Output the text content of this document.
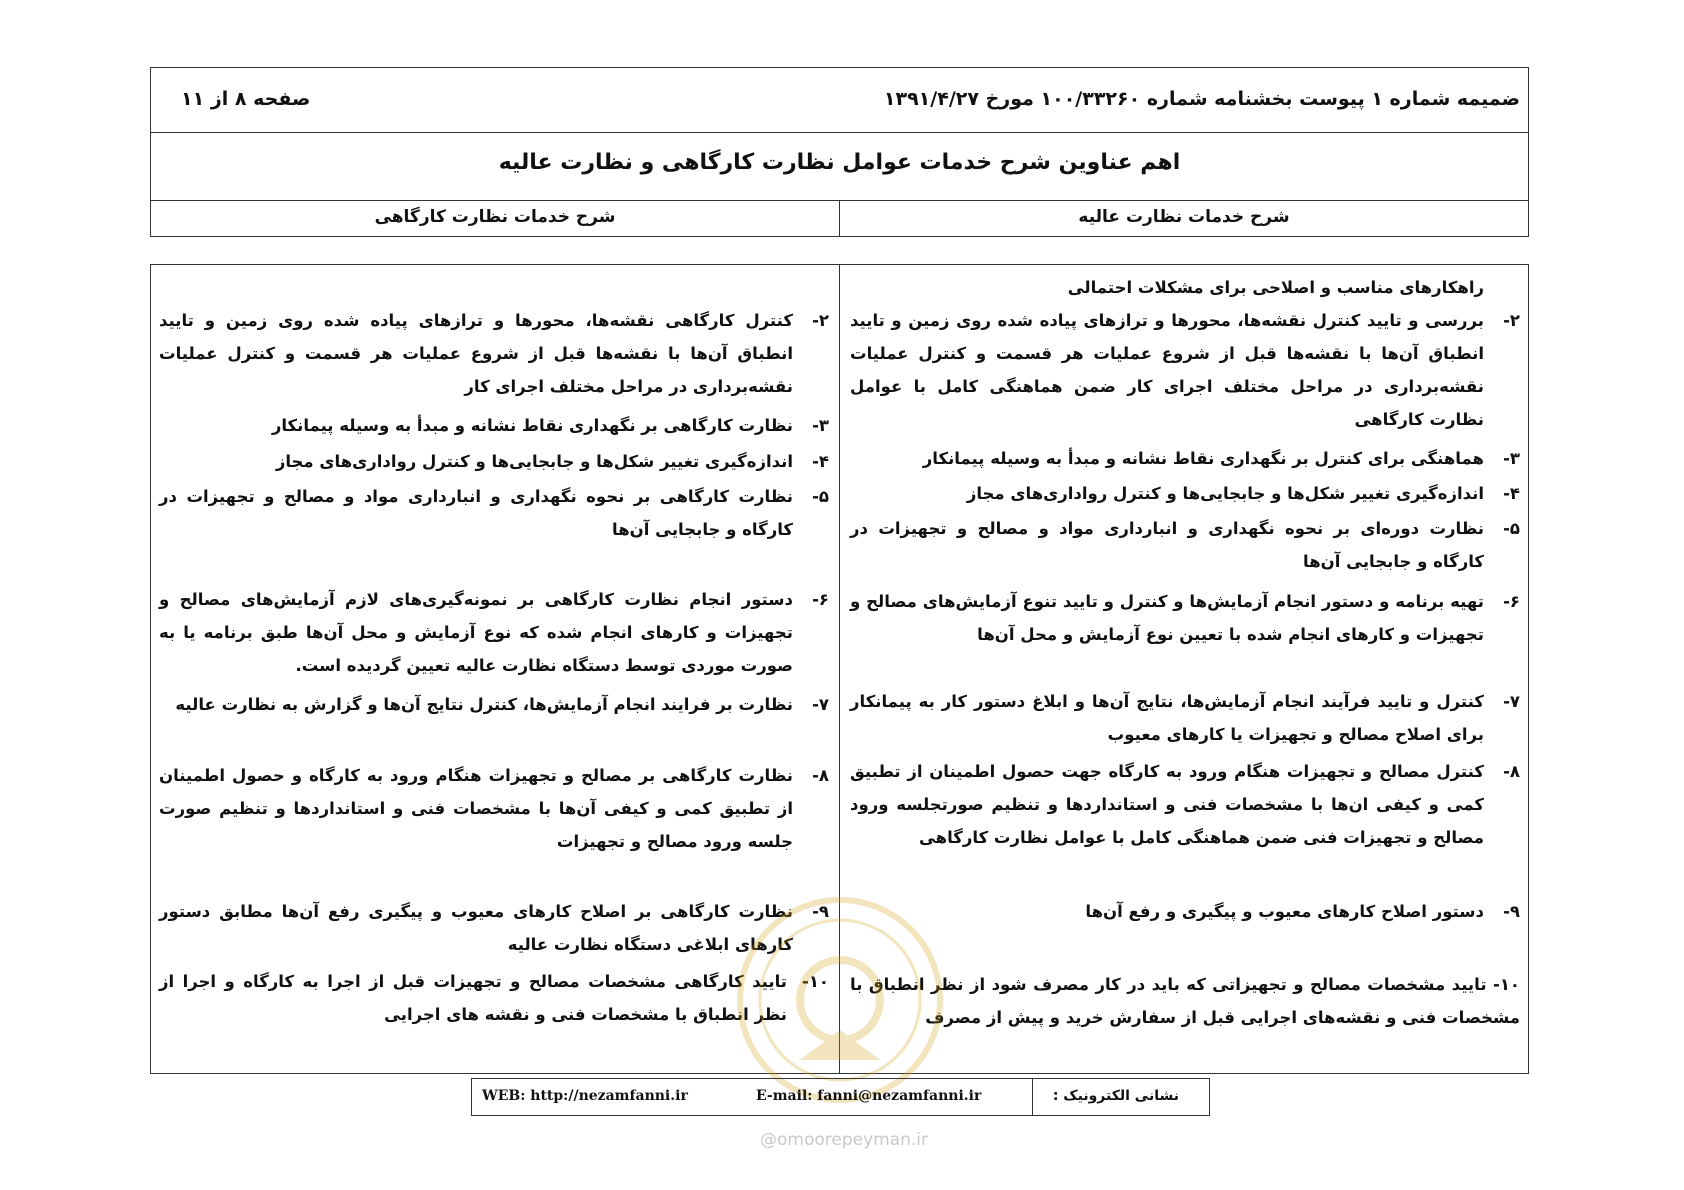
ضمیمه شماره ۱ پیوست بخشنامه شماره ۱۰۰/۳۳۲۶۰ مورخ ۱۳۹۱/۴/۲۷
صفحه ۸ از ۱۱
اهم عناوین شرح خدمات عوامل نظارت کارگاهی و نظارت عالیه
شرح خدمات نظارت عالیه
شرح خدمات نظارت کارگاهی
راهکارهای مناسب و اصلاحی برای مشکلات احتمالی
۲-
بررسی و تایید کنترل نقشه‌ها، محورها و ترازهای پیاده شده روی زمین و تایید انطباق آن‌ها با نقشه‌ها قبل از شروع عملیات هر قسمت و کنترل عملیات نقشه‌برداری در مراحل مختلف اجرای کار ضمن هماهنگی کامل با عوامل نظارت کارگاهی
۳-
هماهنگی برای کنترل بر نگهداری نقاط نشانه و مبدأ به وسیله پیمانکار
۴-
اندازه‌گیری تغییر شکل‌ها و جابجایی‌ها و کنترل رواداری‌های مجاز
۵-
نظارت دوره‌ای بر نحوه نگهداری و انبارداری مواد و مصالح و تجهیزات در کارگاه و جابجایی آن‌ها
۶-
تهیه برنامه و دستور انجام آزمایش‌ها و کنترل و تایید تنوع آزمایش‌های مصالح و تجهیزات و کارهای انجام شده با تعیین نوع آزمایش و محل آن‌ها
۷-
کنترل و تایید فرآیند انجام آزمایش‌ها، نتایج آن‌ها و ابلاغ دستور کار به پیمانکار برای اصلاح مصالح و تجهیزات یا کارهای معیوب
۸-
کنترل مصالح و تجهیزات هنگام ورود به کارگاه جهت حصول اطمینان از تطبیق کمی و کیفی ان‌ها با مشخصات فنی و استانداردها و تنظیم صورتجلسه ورود مصالح و تجهیزات فنی ضمن هماهنگی کامل با عوامل نظارت کارگاهی
۹-
دستور اصلاح کارهای معیوب و پیگیری و رفع آن‌ها
۱۰- تایید مشخصات مصالح و تجهیزاتی که باید در کار مصرف شود از نظر انطباق با مشخصات فنی و نقشه‌های اجرایی قبل از سفارش خرید و پیش از مصرف
۲-
کنترل کارگاهی نقشه‌ها، محورها و ترازهای پیاده شده روی زمین و تایید انطباق آن‌ها با نقشه‌ها قبل از شروع عملیات هر قسمت و کنترل عملیات نقشه‌برداری در مراحل مختلف اجرای کار
۳-
نظارت کارگاهی بر نگهداری نقاط نشانه و مبدأ به وسیله پیمانکار
۴-
اندازه‌گیری تغییر شکل‌ها و جابجایی‌ها و کنترل رواداری‌های مجاز
۵-
نظارت کارگاهی بر نحوه نگهداری و انبارداری مواد و مصالح و تجهیزات در کارگاه و جابجایی آن‌ها
۶-
دستور انجام نظارت کارگاهی بر نمونه‌گیری‌های لازم آزمایش‌های مصالح و تجهیزات و کارهای انجام شده که نوع آزمایش و محل آن‌ها طبق برنامه یا به صورت موردی توسط دستگاه نظارت عالیه تعیین گردیده است.
۷-
نظارت بر فرایند انجام آزمایش‌ها، کنترل نتایج آن‌ها و گزارش به نظارت عالیه
۸-
نظارت کارگاهی بر مصالح و تجهیزات هنگام ورود به کارگاه و حصول اطمینان از تطبیق کمی و کیفی آن‌ها با مشخصات فنی و استانداردها و تنظیم صورت جلسه ورود مصالح و تجهیزات
۹-
نظارت کارگاهی بر اصلاح کارهای معیوب و پیگیری رفع آن‌ها مطابق دستور کارهای ابلاغی دستگاه نظارت عالیه
۱۰-
تایید کارگاهی مشخصات مصالح و تجهیزات قبل از اجرا به کارگاه و اجرا از نظر انطباق با مشخصات فنی و نقشه های اجرایی
WEB: http://nezamfanni.ir	E-mail: fanni@nezamfanni.ir	نشانی الکترونیک :
@omoorepeyman.ir
